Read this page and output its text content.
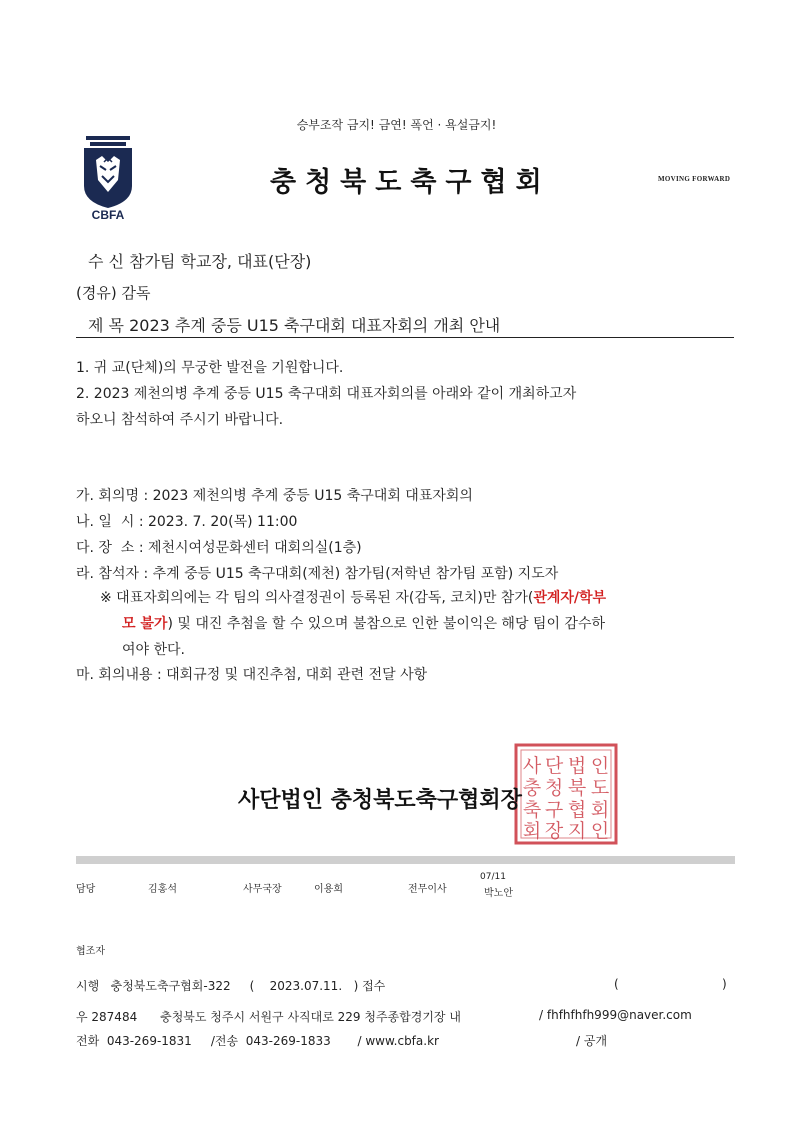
승부조작 금지! 금연! 폭언 · 욕설금지!
CBFA
충청북도축구협회	MOVING FORWARD
수 신 참가팀 학교장, 대표(단장)
(경유) 감독
제 목 2023 추계 중등 U15 축구대회 대표자회의 개최 안내
1. 귀 교(단체)의 무궁한 발전을 기원합니다.
2. 2023 제천의병 추계 중등 U15 축구대회 대표자회의를 아래와 같이 개최하고자
하오니 참석하여 주시기 바랍니다.
가. 회의명 : 2023 제천의병 추계 중등 U15 축구대회 대표자회의
나. 일  시 : 2023. 7. 20(목) 11:00
다. 장  소 : 제천시여성문화센터 대회의실(1층)
라. 참석자 : 추계 중등 U15 축구대회(제천) 참가팀(저학년 참가팀 포함) 지도자
※ 대표자회의에는 각 팀의 의사결정권이 등록된 자(감독, 코치)만 참가(관계자/학부
모 불가) 및 대진 추첨을 할 수 있으며 불참으로 인한 불이익은 해당 팀이 감수하
여야 한다.
마. 회의내용 : 대회규정 및 대진추첨, 대회 관련 전달 사항
사 단 법 인
충 청 북 도
축 구 협 회
회 장 지 인
사단법인 충청북도축구협회장
담당	김홍석	사무국장	이용희	전무이사
07/11
박노안
협조자
시행   충청북도축구협회-322     (    2023.07.11.   ) 접수	(	)
우 287484      충청북도 청주시 서원구 사직대로 229 청주종합경기장 내	/ fhfhfhfh999@naver.com
전화  043-269-1831     /전송  043-269-1833       / www.cbfa.kr	/ 공개
